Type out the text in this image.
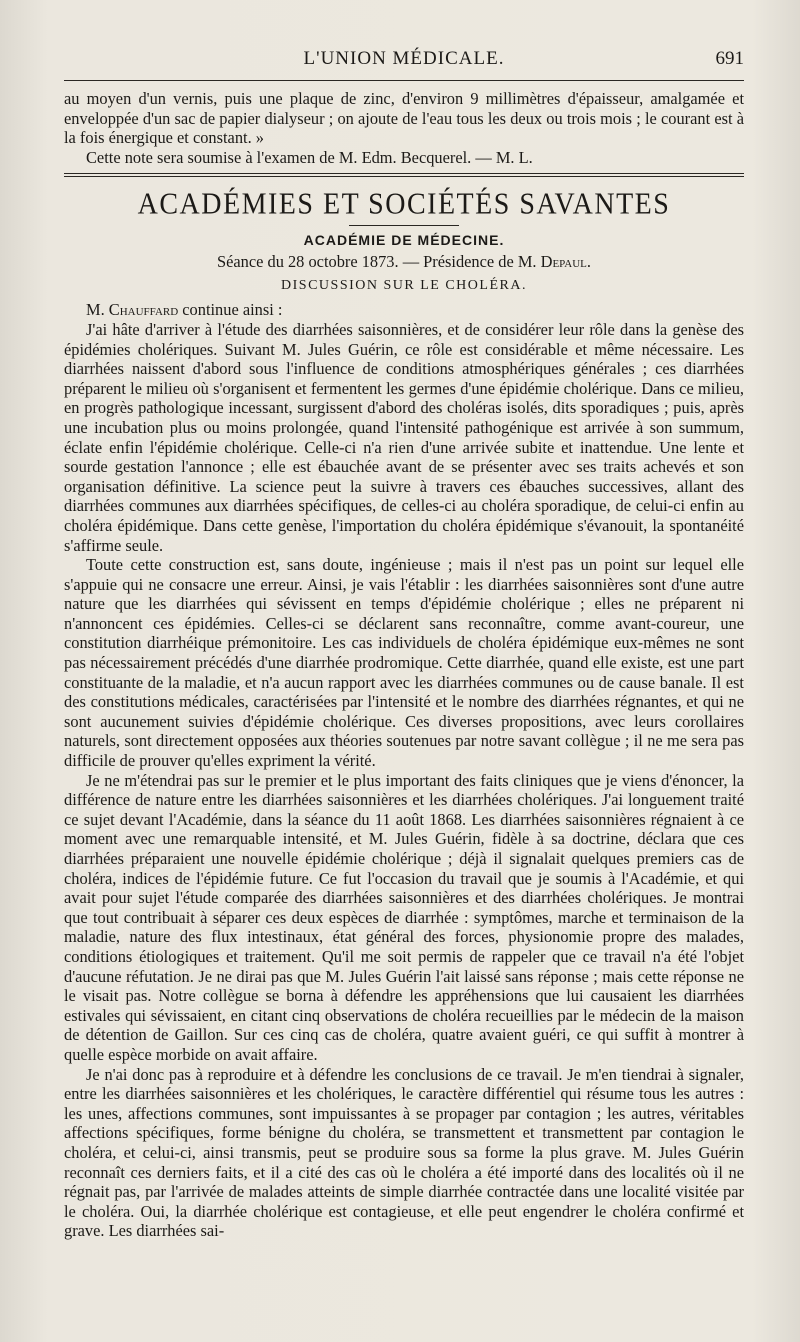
L'UNION MÉDICALE.	691

au moyen d'un vernis, puis une plaque de zinc, d'environ 9 millimètres d'épaisseur, amalgamée et enveloppée d'un sac de papier dialyseur ; on ajoute de l'eau tous les deux ou trois mois ; le courant est à la fois énergique et constant. »

Cette note sera soumise à l'examen de M. Edm. Becquerel. — M. L.

ACADÉMIES ET SOCIÉTÉS SAVANTES
ACADÉMIE DE MÉDECINE.
Séance du 28 octobre 1873. — Présidence de M. Depaul.
DISCUSSION SUR LE CHOLÉRA.

M. Chauffard continue ainsi :

J'ai hâte d'arriver à l'étude des diarrhées saisonnières, et de considérer leur rôle dans la genèse des épidémies cholériques. Suivant M. Jules Guérin, ce rôle est considérable et même nécessaire. Les diarrhées naissent d'abord sous l'influence de conditions atmosphériques générales ; ces diarrhées préparent le milieu où s'organisent et fermentent les germes d'une épidémie cholérique. Dans ce milieu, en progrès pathologique incessant, surgissent d'abord des choléras isolés, dits sporadiques ; puis, après une incubation plus ou moins prolongée, quand l'intensité pathogénique est arrivée à son summum, éclate enfin l'épidémie cholérique. Celle-ci n'a rien d'une arrivée subite et inattendue. Une lente et sourde gestation l'annonce ; elle est ébauchée avant de se présenter avec ses traits achevés et son organisation définitive. La science peut la suivre à travers ces ébauches successives, allant des diarrhées communes aux diarrhées spécifiques, de celles-ci au choléra sporadique, de celui-ci enfin au choléra épidémique. Dans cette genèse, l'importation du choléra épidémique s'évanouit, la spontanéité s'affirme seule.

Toute cette construction est, sans doute, ingénieuse ; mais il n'est pas un point sur lequel elle s'appuie qui ne consacre une erreur. Ainsi, je vais l'établir : les diarrhées saisonnières sont d'une autre nature que les diarrhées qui sévissent en temps d'épidémie cholérique ; elles ne préparent ni n'annoncent ces épidémies. Celles-ci se déclarent sans reconnaître, comme avant-coureur, une constitution diarrhéique prémonitoire. Les cas individuels de choléra épidémique eux-mêmes ne sont pas nécessairement précédés d'une diarrhée prodromique. Cette diarrhée, quand elle existe, est une part constituante de la maladie, et n'a aucun rapport avec les diarrhées communes ou de cause banale. Il est des constitutions médicales, caractérisées par l'intensité et le nombre des diarrhées régnantes, et qui ne sont aucunement suivies d'épidémie cholérique. Ces diverses propositions, avec leurs corollaires naturels, sont directement opposées aux théories soutenues par notre savant collègue ; il ne me sera pas difficile de prouver qu'elles expriment la vérité.

Je ne m'étendrai pas sur le premier et le plus important des faits cliniques que je viens d'énoncer, la différence de nature entre les diarrhées saisonnières et les diarrhées cholériques. J'ai longuement traité ce sujet devant l'Académie, dans la séance du 11 août 1868. Les diarrhées saisonnières régnaient à ce moment avec une remarquable intensité, et M. Jules Guérin, fidèle à sa doctrine, déclara que ces diarrhées préparaient une nouvelle épidémie cholérique ; déjà il signalait quelques premiers cas de choléra, indices de l'épidémie future. Ce fut l'occasion du travail que je soumis à l'Académie, et qui avait pour sujet l'étude comparée des diarrhées saisonnières et des diarrhées cholériques. Je montrai que tout contribuait à séparer ces deux espèces de diarrhée : symptômes, marche et terminaison de la maladie, nature des flux intestinaux, état général des forces, physionomie propre des malades, conditions étiologiques et traitement. Qu'il me soit permis de rappeler que ce travail n'a été l'objet d'aucune réfutation. Je ne dirai pas que M. Jules Guérin l'ait laissé sans réponse ; mais cette réponse ne le visait pas. Notre collègue se borna à défendre les appréhensions que lui causaient les diarrhées estivales qui sévissaient, en citant cinq observations de choléra recueillies par le médecin de la maison de détention de Gaillon. Sur ces cinq cas de choléra, quatre avaient guéri, ce qui suffit à montrer à quelle espèce morbide on avait affaire.

Je n'ai donc pas à reproduire et à défendre les conclusions de ce travail. Je m'en tiendrai à signaler, entre les diarrhées saisonnières et les cholériques, le caractère différentiel qui résume tous les autres : les unes, affections communes, sont impuissantes à se propager par contagion ; les autres, véritables affections spécifiques, forme bénigne du choléra, se transmettent et transmettent par contagion le choléra, et celui-ci, ainsi transmis, peut se produire sous sa forme la plus grave. M. Jules Guérin reconnaît ces derniers faits, et il a cité des cas où le choléra a été importé dans des localités où il ne régnait pas, par l'arrivée de malades atteints de simple diarrhée contractée dans une localité visitée par le choléra. Oui, la diarrhée cholérique est contagieuse, et elle peut engendrer le choléra confirmé et grave. Les diarrhées sai-
